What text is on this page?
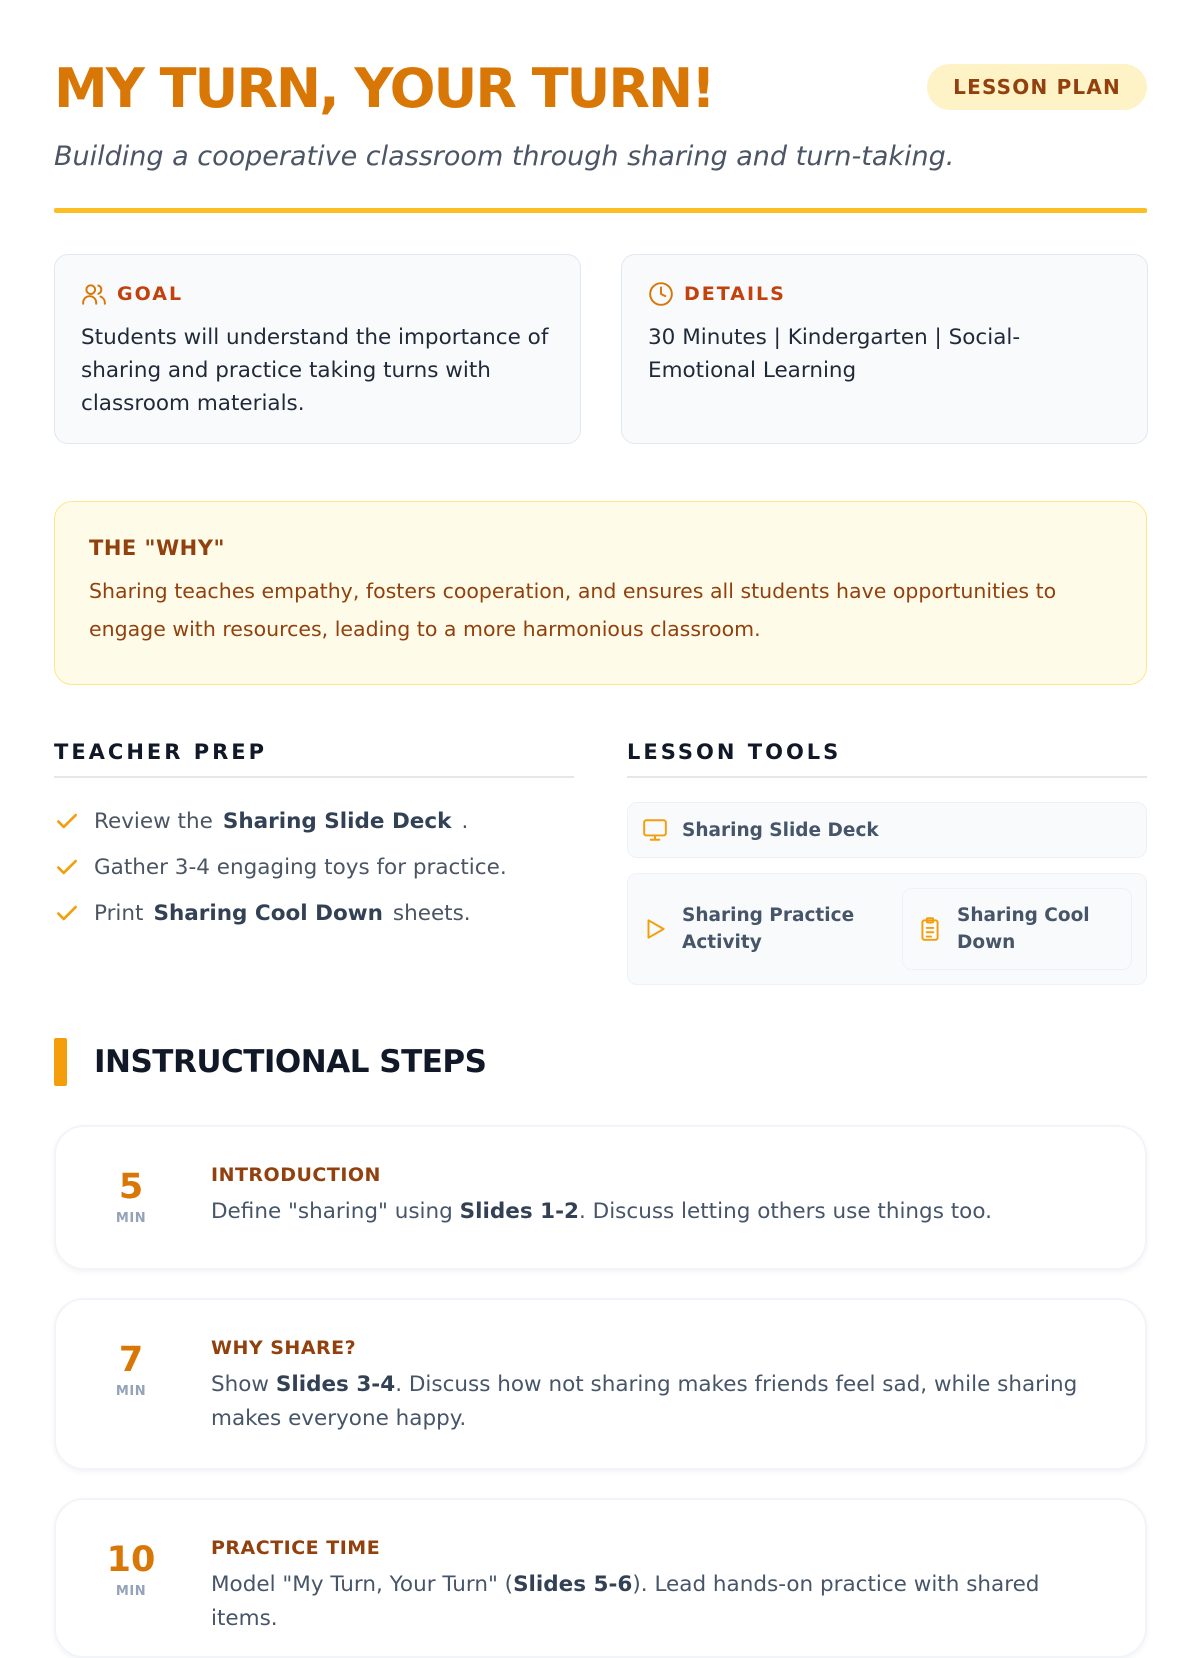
MY TURN, YOUR TURN!	LESSON PLAN

Building a cooperative classroom through sharing and turn-taking.

GOAL
Students will understand the importance of sharing and practice taking turns with classroom materials.
DETAILS
30 Minutes | Kindergarten | Social-Emotional Learning
THE "WHY"
Sharing teaches empathy, fosters cooperation, and ensures all students have opportunities to engage with resources, leading to a more harmonious classroom.
TEACHER PREP
Review the Sharing Slide Deck .
Gather 3-4 engaging toys for practice.
Print Sharing Cool Down sheets.
LESSON TOOLS
Sharing Slide Deck
Sharing Practice Activity
Sharing Cool Down
INSTRUCTIONAL STEPS
5
MIN
INTRODUCTION
Define "sharing" using Slides 1-2. Discuss letting others use things too.
7
MIN
WHY SHARE?
Show Slides 3-4. Discuss how not sharing makes friends feel sad, while sharing makes everyone happy.
10
MIN
PRACTICE TIME
Model "My Turn, Your Turn" (Slides 5-6). Lead hands-on practice with shared items.
